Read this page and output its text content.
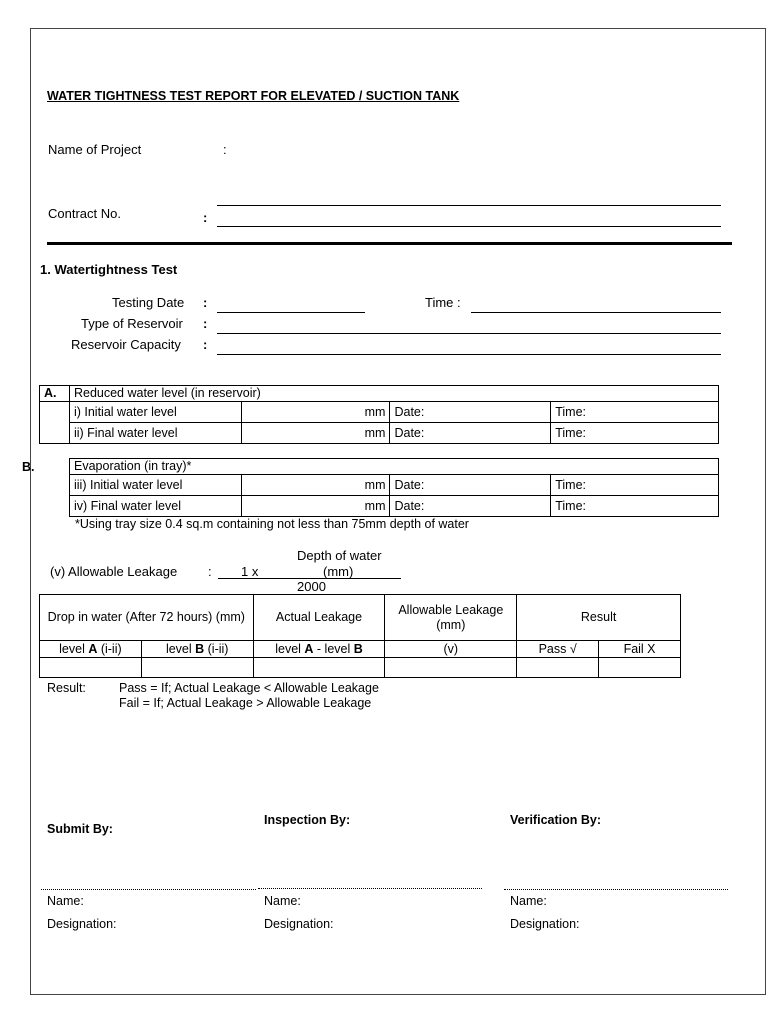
WATER TIGHTNESS TEST REPORT FOR ELEVATED / SUCTION TANK
Name of Project	:
Contract No.	:
1. Watertightness Test
Testing Date :	Time :
Type of Reservoir :
Reservoir Capacity :
A.	Reduced water level (in reservoir)			
	i) Initial water level	mm	Date:	Time:
	ii) Final water level	mm	Date:	Time:
B.	Evaporation (in tray)*			
iii) Initial water level	mm	Date:	Time:
iv) Final water level	mm	Date:	Time:
*Using tray size 0.4 sq.m containing not less than 75mm depth of water
Depth of water
(v) Allowable Leakage : 1 x	(mm)
2000
Drop in water (After 72 hours) (mm)		Actual Leakage	Allowable Leakage (mm)	Result	
level A (i-ii)	level B (i-ii)	level A - level B	(v)	Pass √	Fail X

Result:	Pass = If; Actual Leakage < Allowable Leakage
Fail = If; Actual Leakage > Allowable Leakage
Submit By:
Inspection By:	Verification By:
Name:	Name:	Name:
Designation:	Designation:	Designation:
